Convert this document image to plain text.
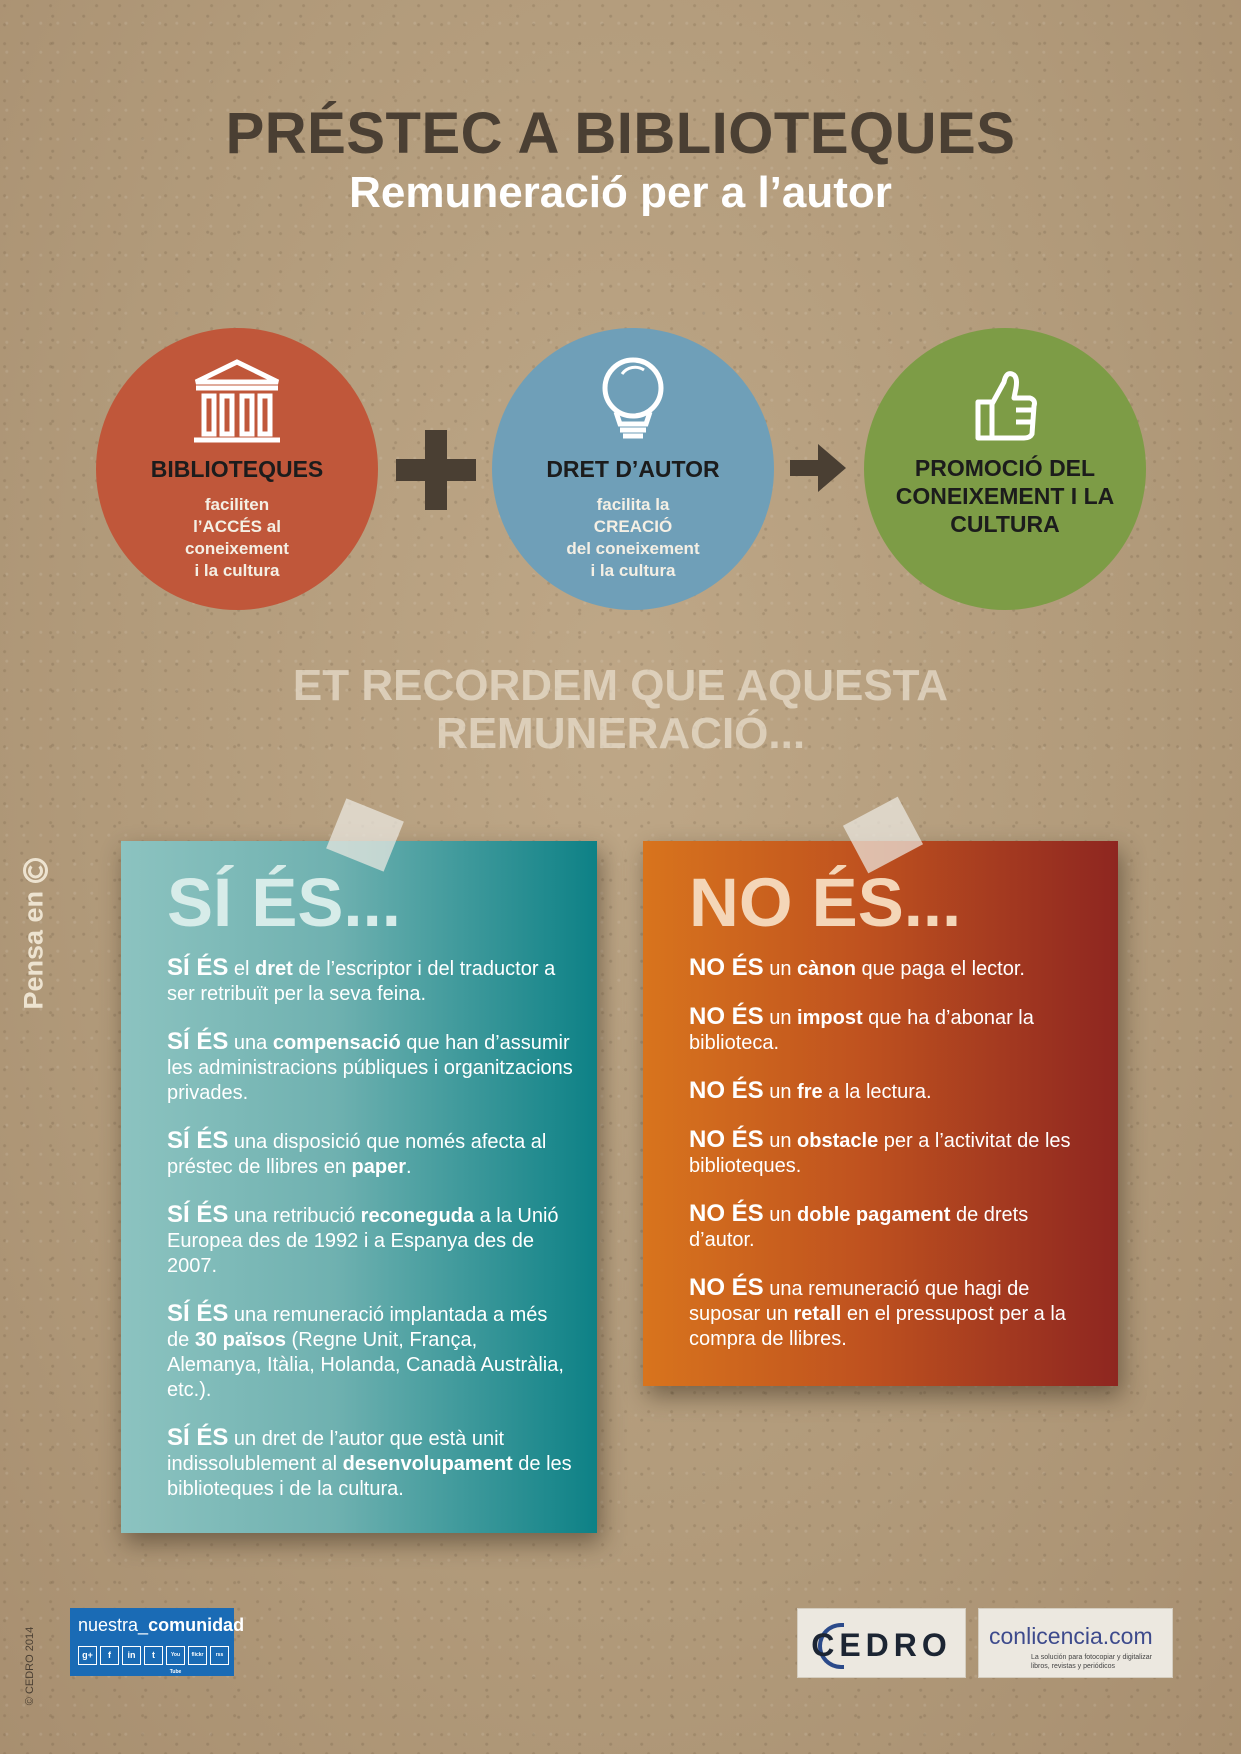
PRÉSTEC A BIBLIOTEQUES
Remuneració per a l’autor
BIBLIOTEQUES
faciliten
l’ACCÉS al
coneixement
i la cultura
DRET D’AUTOR
facilita la
CREACIÓ
del coneixement
i la cultura
PROMOCIÓ DEL
CONEIXEMENT I LA
CULTURA
ET RECORDEM QUE AQUESTA
REMUNERACIÓ...
Pensa en
© CEDRO 2014
SÍ ÉS...
SÍ ÉS el dret de l’escriptor i del traductor a ser retribuït per la seva feina.
SÍ ÉS una compensació que han d’assumir les administracions públiques i organitzacions privades.
SÍ ÉS una disposició que només afecta al préstec de llibres en paper.
SÍ ÉS una retribució reconeguda a la Unió Europea des de 1992 i a Espanya des de 2007.
SÍ ÉS una remuneració implantada a més de 30 països (Regne Unit, França, Alemanya, Itàlia, Holanda, Canadà Austràlia, etc.).
SÍ ÉS un dret de l’autor que està unit indissolublement al desenvolupament de les biblioteques i de la cultura.
NO ÉS...
NO ÉS un cànon que paga el lector.
NO ÉS un impost que ha d’abonar la biblioteca.
NO ÉS un fre a la lectura.
NO ÉS un obstacle per a l’activitat de les biblioteques.
NO ÉS un doble pagament de drets d’autor.
NO ÉS una remuneració que hagi de suposar un retall en el pressupost per a la compra de llibres.
nuestra_comunidad
g+	f	in	t	You Tube
flickr	rss	CEDRO	conlicencia.com
La solución para fotocopiar y digitalizar libros, revistas y periódicos
